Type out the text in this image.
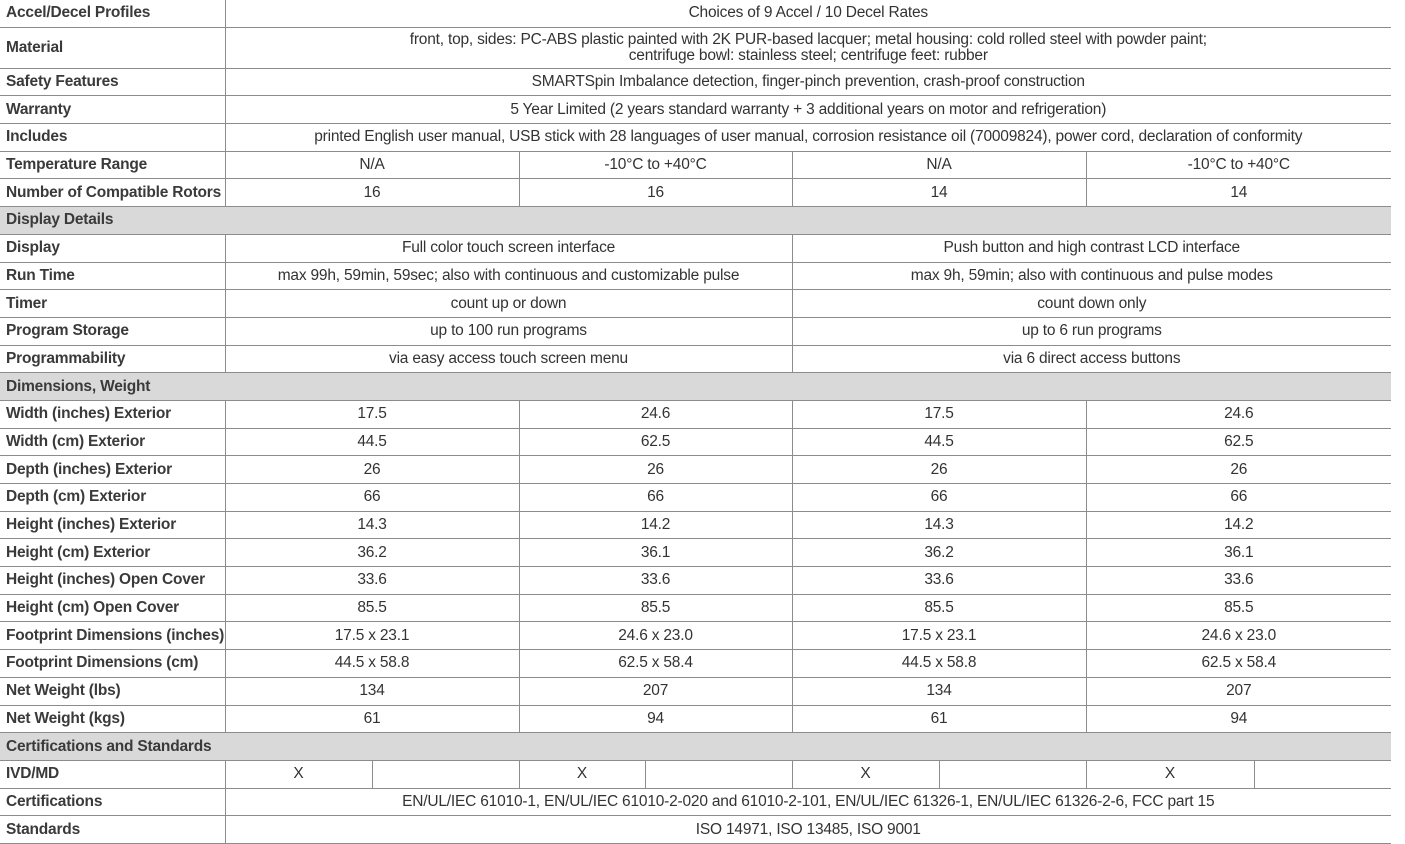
Accel/Decel Profiles	Choices of 9 Accel / 10 Decel Rates							
Material	front, top, sides: PC-ABS plastic painted with 2K PUR-based lacquer; metal housing: cold rolled steel with powder paint;
centrifuge bowl: stainless steel; centrifuge feet: rubber							

Safety Features	SMARTSpin Imbalance detection, finger-pinch prevention, crash-proof construction							
Warranty	5 Year Limited (2 years standard warranty + 3 additional years on motor and refrigeration)							
Includes	printed English user manual, USB stick with 28 languages of user manual, corrosion resistance oil (70009824), power cord, declaration of conformity							
Temperature Range	N/A		-10°C to +40°C		N/A		-10°C to +40°C	
Number of Compatible Rotors	16		16		14		14	
Display Details								
Display	Full color touch screen interface				Push button and high contrast LCD interface			
Run Time	max 99h, 59min, 59sec; also with continuous and customizable pulse				max 9h, 59min; also with continuous and pulse modes			
Timer	count up or down				count down only			
Program Storage	up to 100 run programs				up to 6 run programs			
Programmability	via easy access touch screen menu				via 6 direct access buttons			
Dimensions, Weight								
Width (inches) Exterior	17.5		24.6		17.5		24.6	
Width (cm) Exterior	44.5		62.5		44.5		62.5	
Depth (inches) Exterior	26		26		26		26	
Depth (cm) Exterior	66		66		66		66	
Height (inches) Exterior	14.3		14.2		14.3		14.2	
Height (cm) Exterior	36.2		36.1		36.2		36.1	
Height (inches) Open Cover	33.6		33.6		33.6		33.6	
Height (cm) Open Cover	85.5		85.5		85.5		85.5	
Footprint Dimensions (inches)	17.5 x 23.1		24.6 x 23.0		17.5 x 23.1		24.6 x 23.0	
Footprint Dimensions (cm)	44.5 x 58.8		62.5 x 58.4		44.5 x 58.8		62.5 x 58.4	
Net Weight (lbs)	134		207		134		207	
Net Weight (kgs)	61		94		61		94	
Certifications and Standards								
IVD/MD	X		X		X		X	
Certifications	EN/UL/IEC 61010-1, EN/UL/IEC 61010-2-020 and 61010-2-101, EN/UL/IEC 61326-1, EN/UL/IEC 61326-2-6, FCC part 15							
Standards	ISO 14971, ISO 13485, ISO 9001							
